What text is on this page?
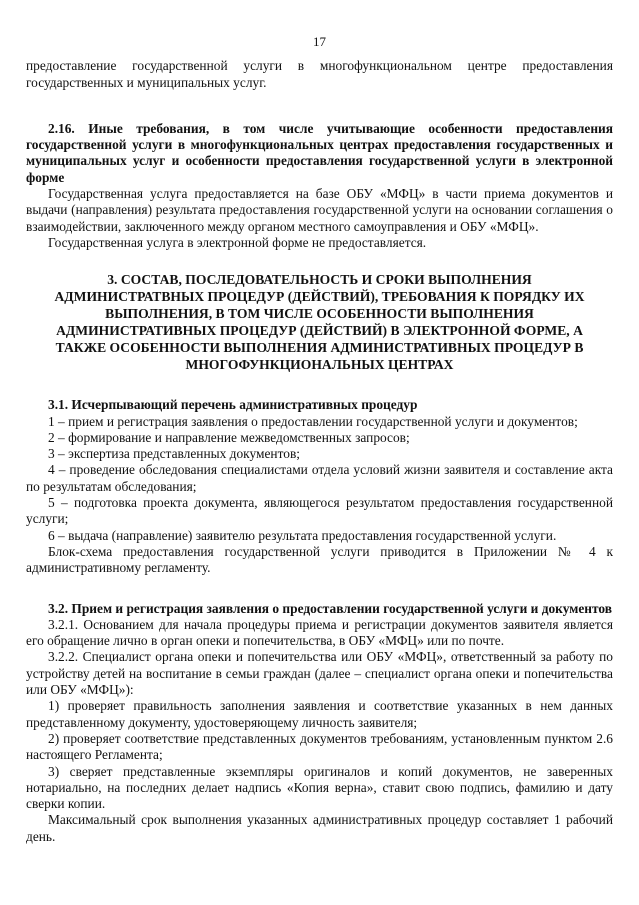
17

предоставление государственной услуги в многофункциональном центре предоставления государственных и муниципальных услуг.

2.16. Иные требования, в том числе учитывающие особенности предоставления государственной услуги в многофункциональных центрах предоставления государственных и муниципальных услуг и особенности предоставления государственной услуги в электронной форме

Государственная услуга предоставляется на базе ОБУ «МФЦ» в части приема документов и выдачи (направления) результата предоставления государственной услуги на основании соглашения о взаимодействии, заключенного между органом местного самоуправления и ОБУ «МФЦ».

Государственная услуга в электронной форме не предоставляется.

3. СОСТАВ, ПОСЛЕДОВАТЕЛЬНОСТЬ И СРОКИ ВЫПОЛНЕНИЯ АДМИНИСТРАТВНЫХ ПРОЦЕДУР (ДЕЙСТВИЙ), ТРЕБОВАНИЯ К ПОРЯДКУ ИХ ВЫПОЛНЕНИЯ, В ТОМ ЧИСЛЕ ОСОБЕННОСТИ ВЫПОЛНЕНИЯ АДМИНИСТРАТИВНЫХ ПРОЦЕДУР (ДЕЙСТВИЙ) В ЭЛЕКТРОННОЙ ФОРМЕ, А ТАКЖЕ ОСОБЕННОСТИ ВЫПОЛНЕНИЯ АДМИНИСТРАТИВНЫХ ПРОЦЕДУР В МНОГОФУНКЦИОНАЛЬНЫХ ЦЕНТРАХ

3.1. Исчерпывающий перечень административных процедур

1 – прием и регистрация заявления о предоставлении государственной услуги и документов;

2 – формирование и направление межведомственных запросов;

3 – экспертиза представленных документов;

4 – проведение обследования специалистами отдела условий жизни заявителя и составление акта по результатам обследования;

5 – подготовка проекта документа, являющегося результатом предоставления государственной услуги;

6 – выдача (направление) заявителю результата предоставления государственной услуги.

Блок-схема предоставления государственной услуги приводится в Приложении № 4 к административному регламенту.

3.2. Прием и регистрация заявления о предоставлении государственной услуги и документов

3.2.1. Основанием для начала процедуры приема и регистрации документов заявителя является его обращение лично в орган опеки и попечительства, в ОБУ «МФЦ» или по почте.

3.2.2. Специалист органа опеки и попечительства или ОБУ «МФЦ», ответственный за работу по устройству детей на воспитание в семьи граждан (далее – специалист органа опеки и попечительства или ОБУ «МФЦ»):

1) проверяет правильность заполнения заявления и соответствие указанных в нем данных представленному документу, удостоверяющему личность заявителя;

2) проверяет соответствие представленных документов требованиям, установленным пунктом 2.6 настоящего Регламента;

3) сверяет представленные экземпляры оригиналов и копий документов, не заверенных нотариально, на последних делает надпись «Копия верна», ставит свою подпись, фамилию и дату сверки копии.

Максимальный срок выполнения указанных административных процедур составляет 1 рабочий день.
